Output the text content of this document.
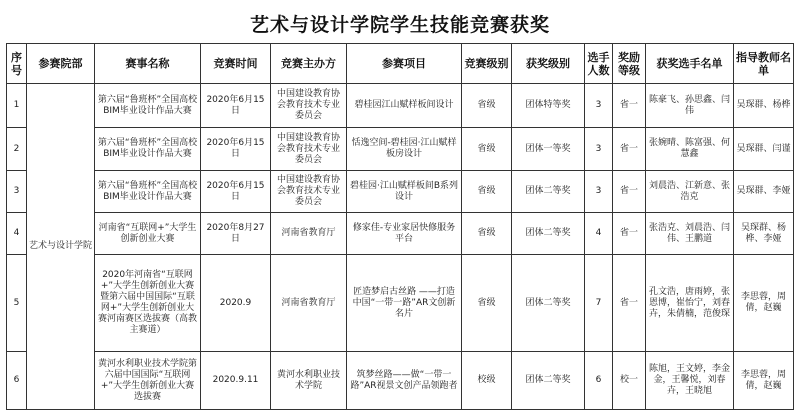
艺术与设计学院学生技能竞赛获奖
序号	参赛院部	赛事名称	竞赛时间	竞赛主办方	参赛项目	竞赛级别	获奖级别	选手人数	奖励等级	获奖选手名单	指导教师名单
1	艺术与设计学院	第六届“鲁班杯”全国高校BIM毕业设计作品大赛	2020年6月15日	中国建设教育协会教育技术专业委员会	碧桂园江山赋样板间设计	省级	团体特等奖	3	省一	陈豪飞、孙思鑫、闫伟	吴琛群、杨桦
2		第六届“鲁班杯”全国高校BIM毕业设计作品大赛	2020年6月15日	中国建设教育协会教育技术专业委员会	恬逸空间-碧桂园·江山赋样板房设计	省级	团体一等奖	3	省一	张婉晴、陈富强、何慧鑫	吴琛群、闫谨
3		第六届“鲁班杯”全国高校BIM毕业设计作品大赛	2020年6月15日	中国建设教育协会教育技术专业委员会	碧桂园·江山赋样板间B系列设计	省级	团体二等奖	3	省一	刘晨浩、江新意、张浩克	吴琛群、李娅
4		河南省“互联网+”大学生创新创业大赛	2020年8月27日	河南省教育厅	修家佳-专业家居快修服务平台	省级	团体二等奖	4	省一	张浩克、刘晨浩、闫伟、王鹏道	吴琛群、杨桦、李娅
5		2020年河南省“互联网+”大学生创新创业大赛暨第六届中国国际“互联网+”大学生创新创业大赛河南赛区选拔赛（高教主赛道）	2020.9	河南省教育厅	匠造梦启古丝路 ——打造中国“一带一路”AR文创新名片	省级	团体二等奖	7	省一	孔文浩，唐雨婷，张恩博，崔怡宁，刘春卉，朱倩楠，范俊琛	李思蓉，周倩，赵巍
6		黄河水利职业技术学院第六届中国国际“互联网+”大学生创新创业大赛选拔赛	2020.9.11	黄河水利职业技术学院	筑梦丝路——做“一带一路”AR视景文创产品领跑者	校级	团体二等奖	6	校一	陈旭，王文婷，李金金，王馨悦，刘春卉，王晓旭	李思蓉，周倩，赵巍
